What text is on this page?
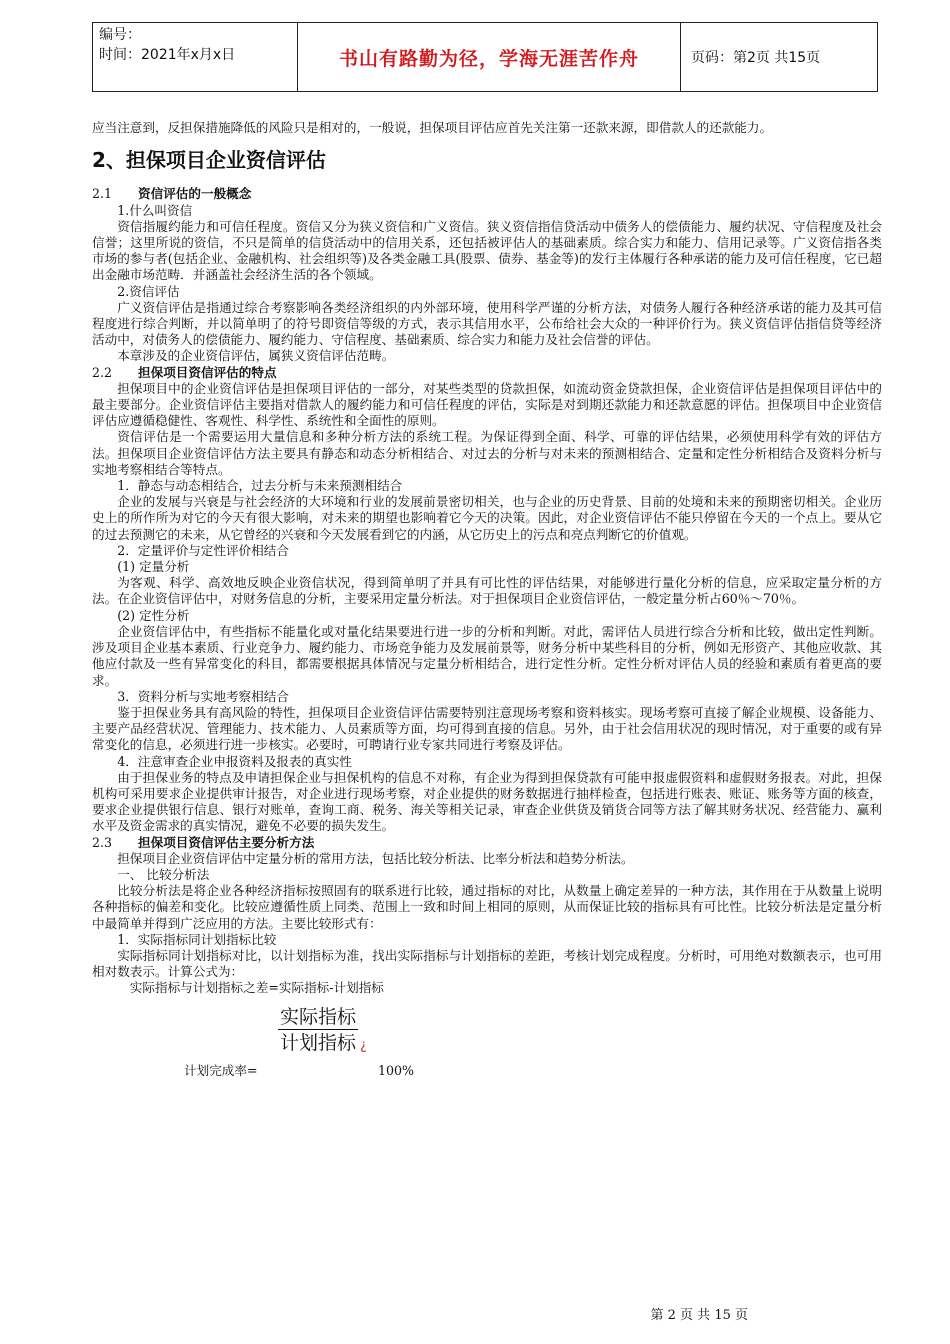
编号：
时间：2021年x月x日	书山有路勤为径，学海无涯苦作舟	页码：第2页 共15页

应当注意到，反担保措施降低的风险只是相对的，一般说，担保项目评估应首先关注第一还款来源，即借款人的还款能力。

2、担保项目企业资信评估

2.1 资信评估的一般概念

1.什么叫资信

资信指履约能力和可信任程度。资信又分为狭义资信和广义资信。狭义资信指信贷活动中债务人的偿债能力、履约状况、守信程度及社会信誉；这里所说的资信，不只是简单的信贷活动中的信用关系，还包括被评估人的基础素质。综合实力和能力、信用记录等。广义资信指各类市场的参与者(包括企业、金融机构、社会组织等)及各类金融工具(股票、债券、基金等)的发行主体履行各种承诺的能力及可信任程度，它已超出金融市场范畴．并涵盖社会经济生活的各个领域。

2.资信评估

广义资信评估是指通过综合考察影响各类经济组织的内外部环境，使用科学严谨的分析方法，对债务人履行各种经济承诺的能力及其可信程度进行综合判断，并以简单明了的符号即资信等级的方式，表示其信用水平，公布给社会大众的一种评价行为。狭义资信评估指信贷等经济活动中，对债务人的偿债能力、履约能力、守信程度、基础素质、综合实力和能力及社会信誉的评估。

本章涉及的企业资信评估，属狭义资信评估范畴。

2.2 担保项目资信评估的特点

担保项目中的企业资信评估是担保项目评估的一部分，对某些类型的贷款担保，如流动资金贷款担保，企业资信评估是担保项目评估中的最主要部分。企业资信评估主要指对借款人的履约能力和可信任程度的评估，实际是对到期还款能力和还款意愿的评估。担保项目中企业资信评估应遵循稳健性、客观性、科学性、系统性和全面性的原则。

资信评估是一个需要运用大量信息和多种分析方法的系统工程。为保证得到全面、科学、可靠的评估结果，必须使用科学有效的评估方法。担保项目企业资信评估方法主要具有静态和动态分析相结合、对过去的分析与对未来的预测相结合、定量和定性分析相结合及资料分析与实地考察相结合等特点。

1．静态与动态相结合，过去分析与未来预测相结合

企业的发展与兴衰是与社会经济的大环境和行业的发展前景密切相关，也与企业的历史背景、目前的处境和未来的预期密切相关。企业历史上的所作所为对它的今天有很大影响，对未来的期望也影响着它今天的决策。因此，对企业资信评估不能只停留在今天的一个点上。要从它的过去预测它的未来，从它曾经的兴衰和今天发展看到它的内涵，从它历史上的污点和亮点判断它的价值观。

2．定量评价与定性评价相结合

(1) 定量分析

为客观、科学、高效地反映企业资信状况，得到简单明了并具有可比性的评估结果，对能够进行量化分析的信息，应采取定量分析的方法。在企业资信评估中，对财务信息的分析，主要采用定量分析法。对于担保项目企业资信评估，一般定量分析占60％～70％。

(2) 定性分析

企业资信评估中，有些指标不能量化或对量化结果要进行进一步的分析和判断。对此，需评估人员进行综合分析和比较，做出定性判断。涉及项目企业基本素质、行业竞争力、履约能力、市场竞争能力及发展前景等，财务分析中某些科目的分析，例如无形资产、其他应收款、其他应付款及一些有异常变化的科目，都需要根据具体情况与定量分析相结合，进行定性分析。定性分析对评估人员的经验和素质有着更高的要求。

3．资料分析与实地考察相结合

鉴于担保业务具有高风险的特性，担保项目企业资信评估需要特别注意现场考察和资料核实。现场考察可直接了解企业规模、设备能力、主要产品经营状况、管理能力、技术能力、人员素质等方面，均可得到直接的信息。另外，由于社会信用状况的现时情况，对于重要的或有异常变化的信息，必须进行进一步核实。必要时，可聘请行业专家共同进行考察及评估。

4．注意审查企业申报资料及报表的真实性

由于担保业务的特点及申请担保企业与担保机构的信息不对称，有企业为得到担保贷款有可能申报虚假资料和虚假财务报表。对此，担保机构可采用要求企业提供审计报告，对企业进行现场考察，对企业提供的财务数据进行抽样检查，包括进行账表、账证、账务等方面的核查，要求企业提供银行信息、银行对账单，查询工商、税务、海关等相关记录，审查企业供货及销货合同等方法了解其财务状况、经营能力、赢利水平及资金需求的真实情况，避免不必要的损失发生。

2.3 担保项目资信评估主要分析方法

担保项目企业资信评估中定量分析的常用方法，包括比较分析法、比率分析法和趋势分析法。

一、 比较分析法

比较分析法是将企业各种经济指标按照固有的联系进行比较，通过指标的对比，从数量上确定差异的一种方法，其作用在于从数量上说明各种指标的偏差和变化。比较应遵循性质上同类、范围上一致和时间上相同的原则，从而保证比较的指标具有可比性。比较分析法是定量分析中最简单并得到广泛应用的方法。主要比较形式有：

1．实际指标同计划指标比较

实际指标同计划指标对比，以计划指标为准，找出实际指标与计划指标的差距，考核计划完成程度。分析时，可用绝对数额表示，也可用相对数表示。计算公式为：

实际指标与计划指标之差=实际指标-计划指标

实际指标
计划指标 ¿
计划完成率=	100%
第 2 页 共 15 页
